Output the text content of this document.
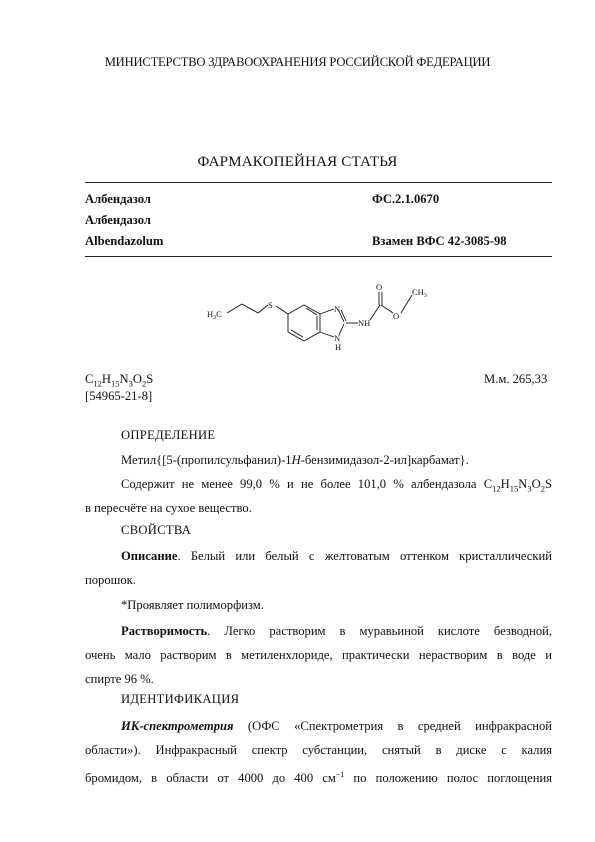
МИНИСТЕРСТВО ЗДРАВООХРАНЕНИЯ РОССИЙСКОЙ ФЕДЕРАЦИИ
ФАРМАКОПЕЙНАЯ СТАТЬЯ
Албендазол	ФС.2.1.0670
Албендазол
Albendazolum	Взамен ВФС 42-3085-98
O
O
$CH_3$
N
NH
N
H
S
$H_3C$
$C_{12}H_{15}N_3O_2S$
[54965-21-8]
М.м. 265,33
ОПРЕДЕЛЕНИЕ
Метил{[5-(пропилсульфанил)-1H-бензимидазол-2-ил]карбамат}.
Содержит не менее 99,0 % и не более 101,0 % албендазола $C_{12}H_{15}N_3O_2S$
в пересчёте на сухое вещество.
СВОЙСТВА
Описание. Белый или белый с желтоватым оттенком кристаллический
порошок.
*Проявляет полиморфизм.
Растворимость. Легко растворим в муравьиной кислоте безводной,
очень мало растворим в метиленхлориде, практически нерастворим в воде и
спирте 96 %.
ИДЕНТИФИКАЦИЯ
ИК-спектрометрия (ОФС «Спектрометрия в средней инфракрасной
области»). Инфракрасный спектр субстанции, снятый в диске с калия
бромидом, в области от 4000 до 400 $см^{-1}$ по положению полос поглощения
